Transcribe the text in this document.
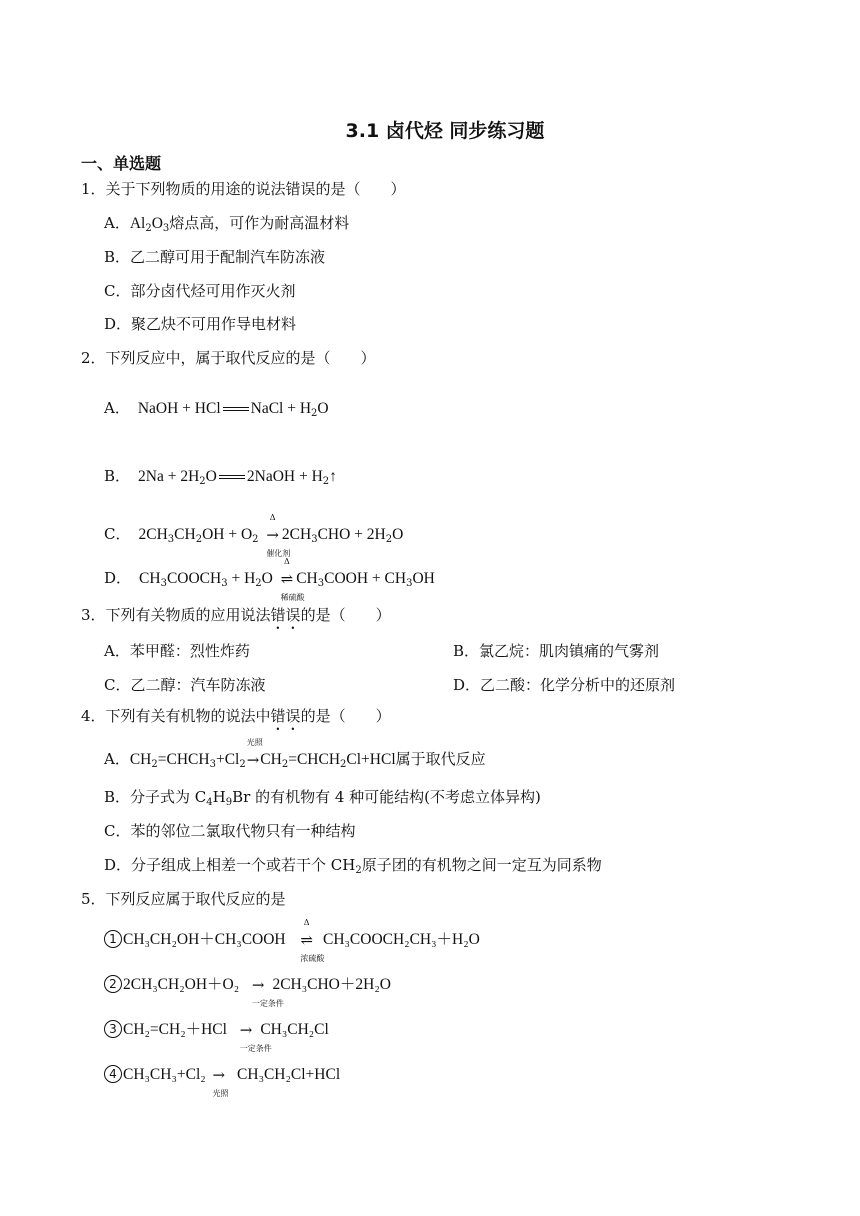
3.1 卤代烃 同步练习题
一、单选题
1．关于下列物质的用途的说法错误的是（　　）
A．$Al_2O_3$熔点高，可作为耐高温材料
B．乙二醇可用于配制汽车防冻液
C．部分卤代烃可用作灭火剂
D．聚乙炔不可用作导电材料
2．下列反应中，属于取代反应的是（　　）
A． NaOH + HCl NaCl + $H_2O$
B． $2Na + 2H_2O$ 2NaOH + $H_2↑$
C． $2CH_3CH_2OH + O_2$
Δ
→
催化剂
$2CH_3CHO + 2H_2O$
D． $CH_3COOCH_3 + H_2O$
Δ
⇌
稀硫酸
$CH_3COOH + CH_3OH$
3．下列有关物质的应用说法错误的是（　　）
A．苯甲醛：烈性炸药	B．氯乙烷：肌肉镇痛的气雾剂
C．乙二醇：汽车防冻液	D．乙二酸：化学分析中的还原剂
4．下列有关有机物的说法中错误的是（　　）
A．$CH_2=CHCH_3+Cl_2$
光照
$\to CH_2=CHCH_2Cl+HCl$属于取代反应
B．分子式为 $C_4H_9Br$ 的有机物有 4 种可能结构(不考虑立体异构)
C．苯的邻位二氯取代物只有一种结构
D．分子组成上相差一个或若干个 $CH_2$原子团的有机物之间一定互为同系物
5．下列反应属于取代反应的是
1 CH₃CH₂OH＋CH₃COOH
Δ
⇌
浓硫酸
CH₃COOCH₂CH₃＋H₂O
2 2CH₃CH₂OH＋O₂ →
一定条件
2CH₃CHO＋2H₂O
3 CH₂=CH₂＋HCl →
一定条件
CH₃CH₂Cl
4 CH₃CH₃+Cl₂ →
光照
CH₃CH₂Cl+HCl
